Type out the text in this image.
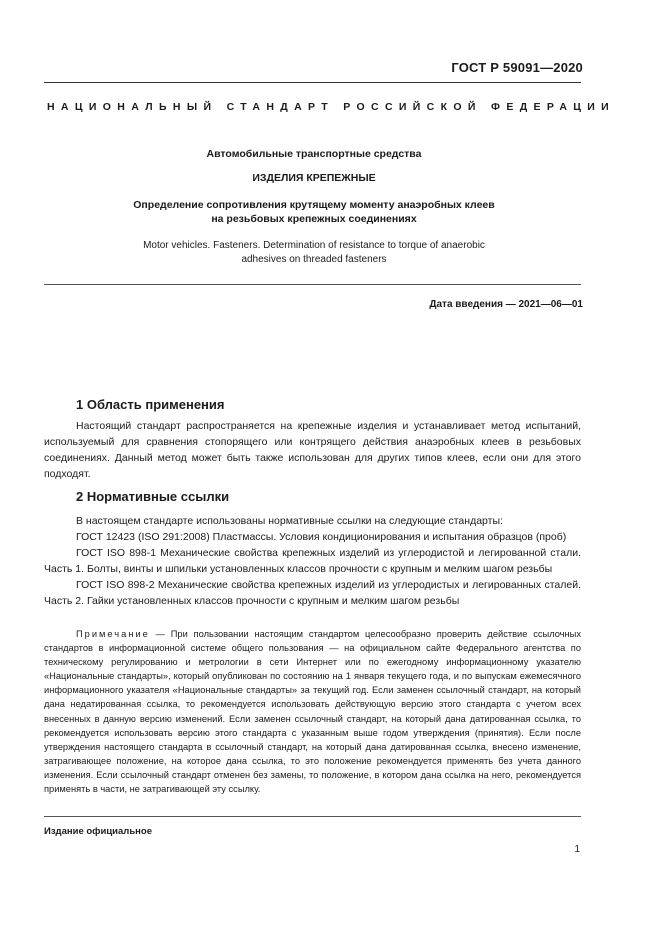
ГОСТ Р 59091—2020
НАЦИОНАЛЬНЫЙ СТАНДАРТ РОССИЙСКОЙ ФЕДЕРАЦИИ
Автомобильные транспортные средства
ИЗДЕЛИЯ КРЕПЕЖНЫЕ
Определение сопротивления крутящему моменту анаэробных клеев
на резьбовых крепежных соединениях
Motor vehicles. Fasteners. Determination of resistance to torque of anaerobic
adhesives on threaded fasteners
Дата введения — 2021—06—01
1 Область применения

Настоящий стандарт распространяется на крепежные изделия и устанавливает метод испытаний, используемый для сравнения стопорящего или контрящего действия анаэробных клеев в резьбовых соединениях. Данный метод может быть также использован для других типов клеев, если они для этого подходят.

2 Нормативные ссылки

В настоящем стандарте использованы нормативные ссылки на следующие стандарты:

ГОСТ 12423 (ISO 291:2008) Пластмассы. Условия кондиционирования и испытания образцов (проб)

ГОСТ ISO 898-1 Механические свойства крепежных изделий из углеродистой и легированной стали. Часть 1. Болты, винты и шпильки установленных классов прочности с крупным и мелким шагом резьбы

ГОСТ ISO 898-2 Механические свойства крепежных изделий из углеродистых и легированных сталей. Часть 2. Гайки установленных классов прочности с крупным и мелким шагом резьбы

Примечание — При пользовании настоящим стандартом целесообразно проверить действие ссылочных стандартов в информационной системе общего пользования — на официальном сайте Федерального агентства по техническому регулированию и метрологии в сети Интернет или по ежегодному информационному указателю «Национальные стандарты», который опубликован по состоянию на 1 января текущего года, и по выпускам ежемесячного информационного указателя «Национальные стандарты» за текущий год. Если заменен ссылочный стандарт, на который дана недатированная ссылка, то рекомендуется использовать действующую версию этого стандарта с учетом всех внесенных в данную версию изменений. Если заменен ссылочный стандарт, на который дана датированная ссылка, то рекомендуется использовать версию этого стандарта с указанным выше годом утверждения (принятия). Если после утверждения настоящего стандарта в ссылочный стандарт, на который дана датированная ссылка, внесено изменение, затрагивающее положение, на которое дана ссылка, то это положение рекомендуется применять без учета данного изменения. Если ссылочный стандарт отменен без замены, то положение, в котором дана ссылка на него, рекомендуется применять в части, не затрагивающей эту ссылку.

Издание официальное
1
